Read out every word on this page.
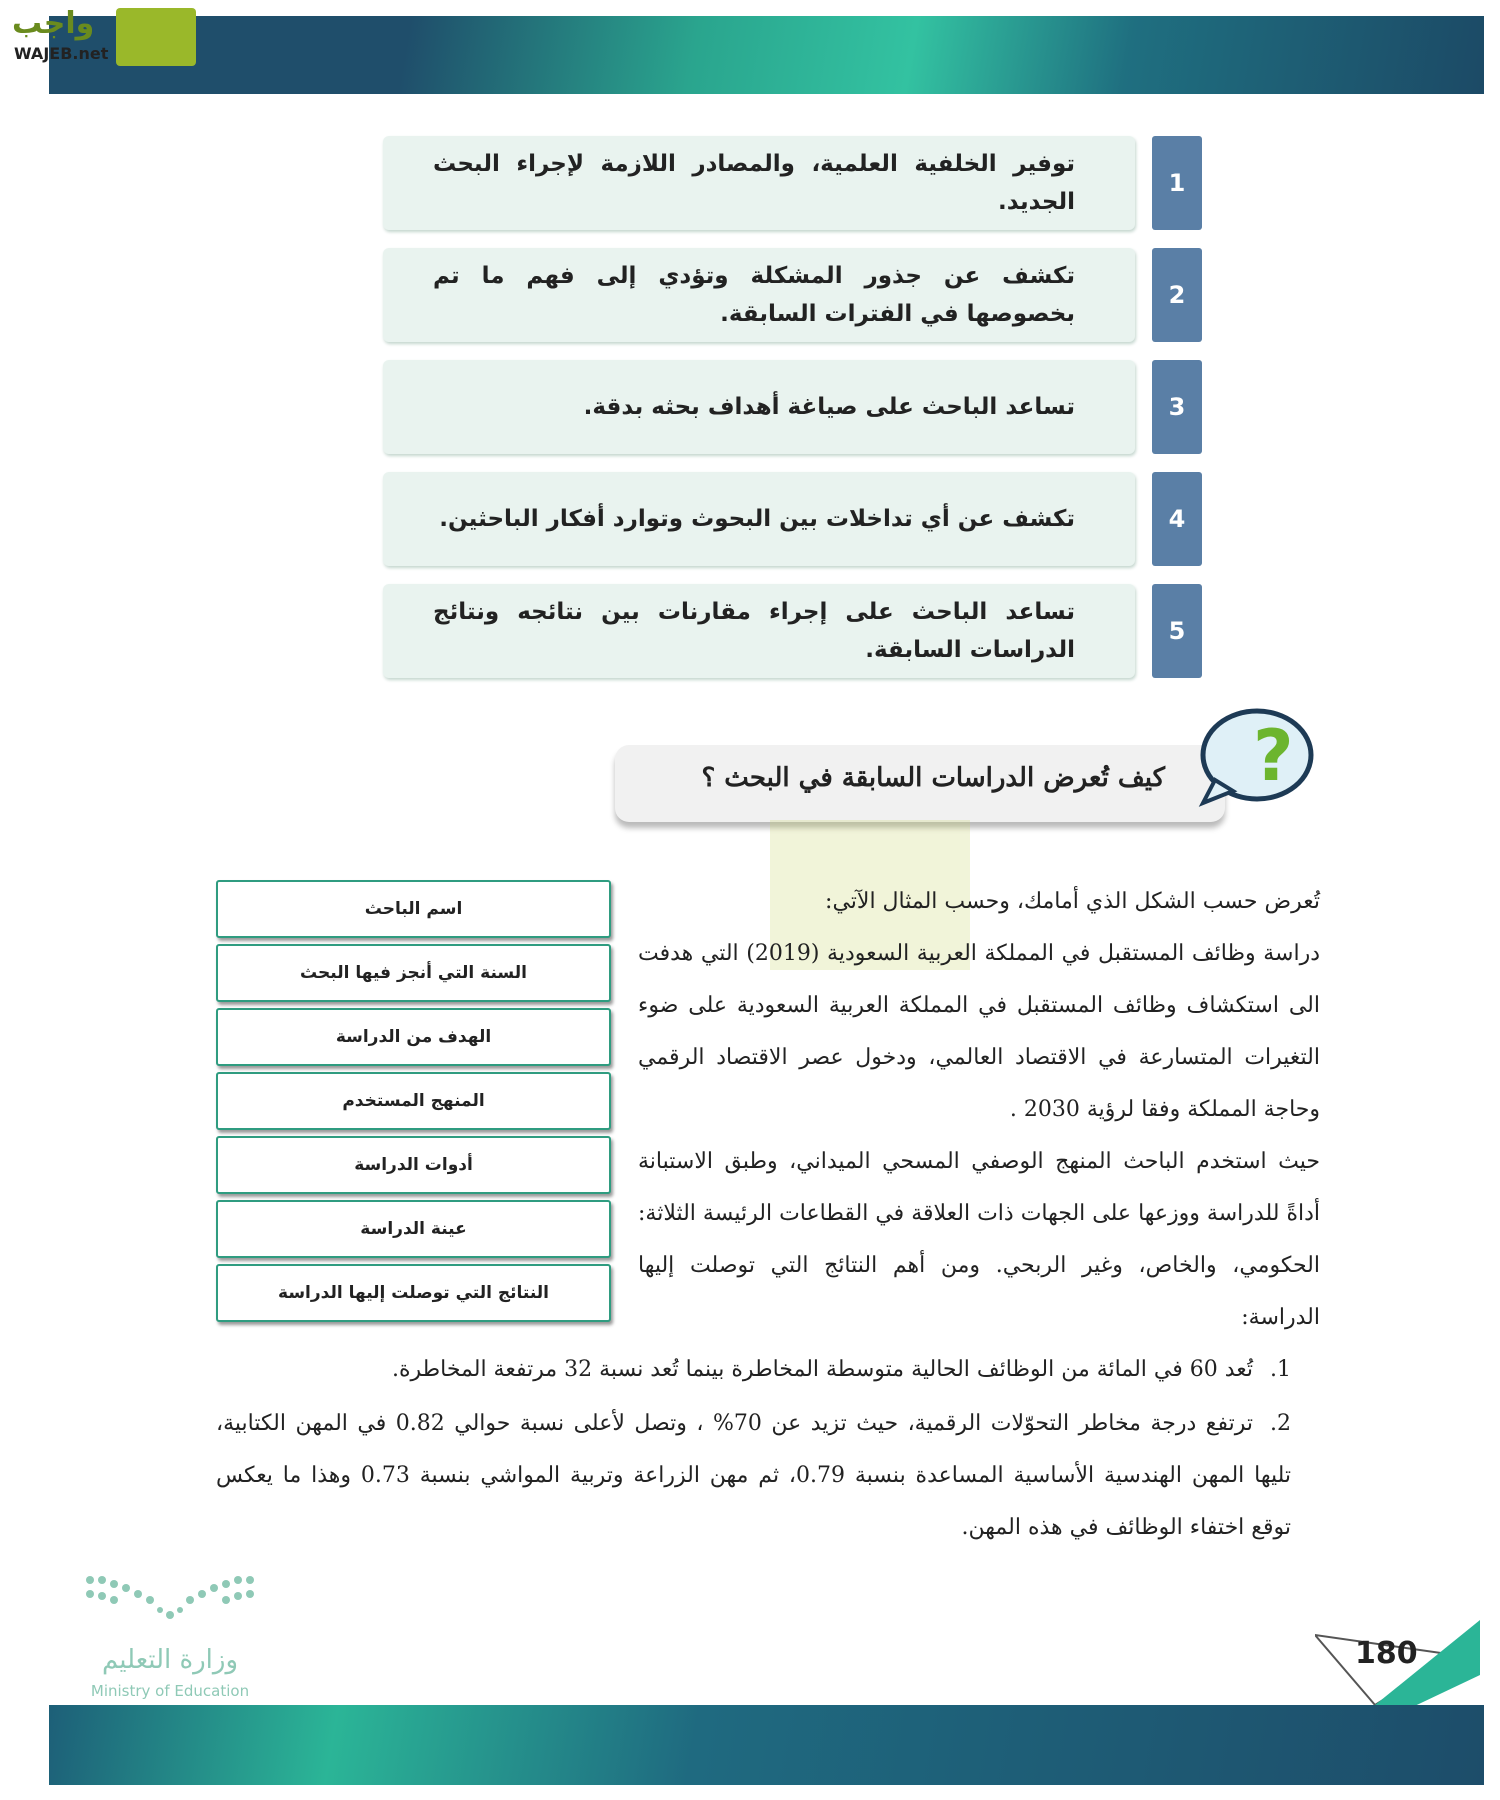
واجب
WAJEB.net
توفير الخلفية العلمية، والمصادر اللازمة لإجراء البحث الجديد.
1
تكشف عن جذور المشكلة وتؤدي إلى فهم ما تم بخصوصها في الفترات السابقة.
2
تساعد الباحث على صياغة أهداف بحثه بدقة.	3
تكشف عن أي تداخلات بين البحوث وتوارد أفكار الباحثين.	4
تساعد الباحث على إجراء مقارنات بين نتائجه ونتائج الدراسات السابقة.
5
كيف تُعرض الدراسات السابقة في البحث ؟ ?
اسم الباحث
السنة التي أنجز فيها البحث
الهدف من الدراسة
المنهج المستخدم
أدوات الدراسة
عينة الدراسة
النتائج التي توصلت إليها الدراسة
تُعرض حسب الشكل الذي أمامك، وحسب المثال الآتي:
دراسة وظائف المستقبل في المملكة العربية السعودية (2019) التي هدفت الى استكشاف وظائف المستقبل في المملكة العربية السعودية على ضوء التغيرات المتسارعة في الاقتصاد العالمي، ودخول عصر الاقتصاد الرقمي وحاجة المملكة وفقا لرؤية 2030 .
حيث استخدم الباحث المنهج الوصفي المسحي الميداني، وطبق الاستبانة أداةً للدراسة ووزعها على الجهات ذات العلاقة في القطاعات الرئيسة الثلاثة: الحكومي، والخاص، وغير الربحي. ومن أهم النتائج التي توصلت إليها الدراسة:
1.تُعد 60 في المائة من الوظائف الحالية متوسطة المخاطرة بينما تُعد نسبة 32 مرتفعة المخاطرة.
2.ترتفع درجة مخاطر التحوّلات الرقمية، حيث تزيد عن 70% ، وتصل لأعلى نسبة حوالي 0.82 في المهن الكتابية، تليها المهن الهندسية الأساسية المساعدة بنسبة 0.79، ثم مهن الزراعة وتربية المواشي بنسبة 0.73 وهذا ما يعكس توقع اختفاء الوظائف في هذه المهن.
وزارة التعليم
Ministry of Education
180
